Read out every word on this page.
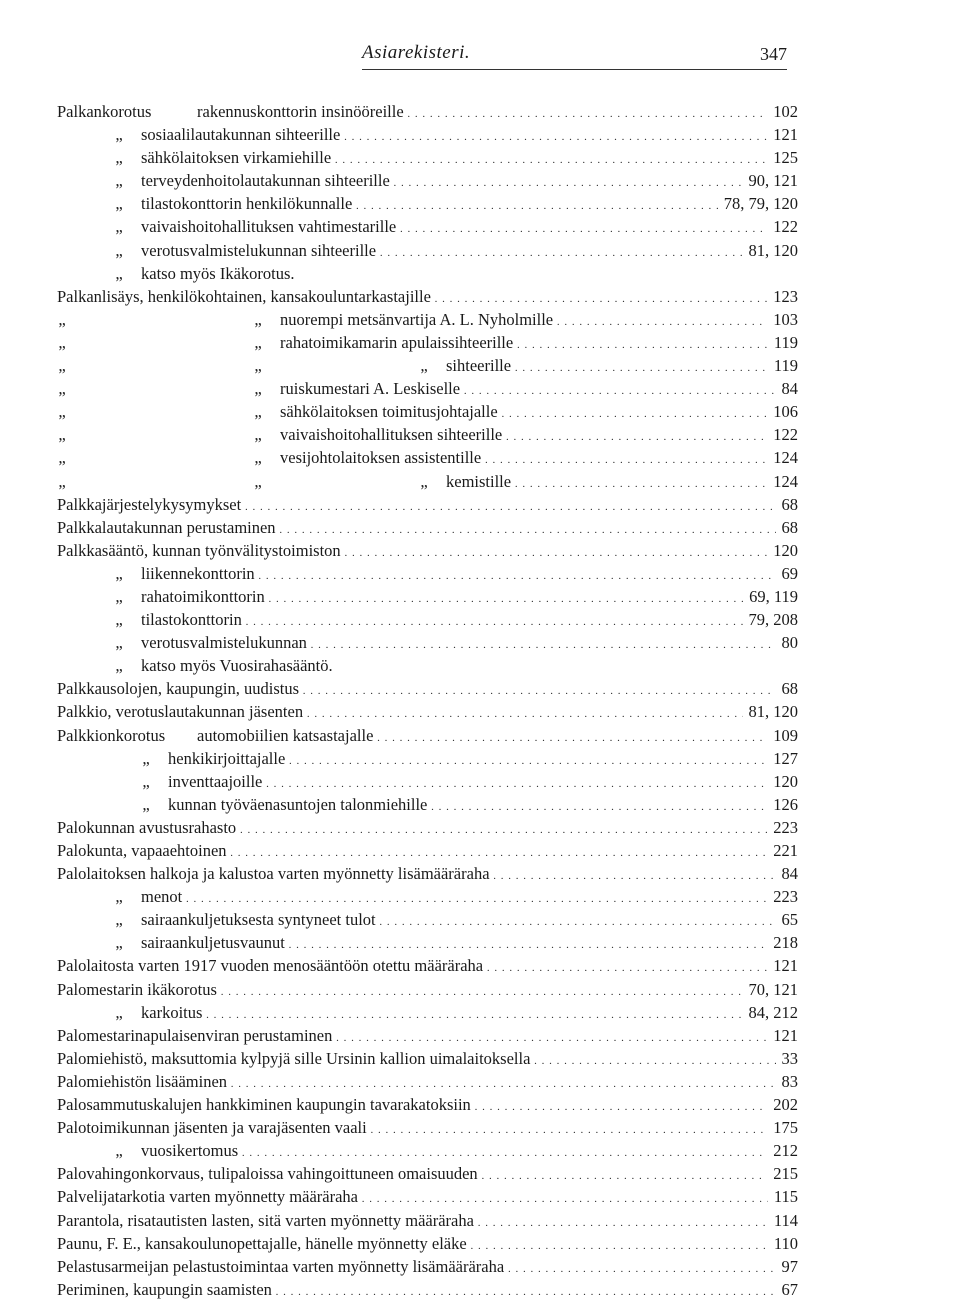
Asiarekisteri.	347
Palkankorotus	rakennuskonttorin insinööreille . . .	102
„	sosiaalilautakunnan sihteerille . . .	121
„	sähkölaitoksen virkamiehille . . .	125
„	terveydenhoitolautakunnan sihteerille . . .	90, 121
„	tilastokonttorin henkilökunnalle . . .	78, 79, 120
„	vaivaishoitohallituksen vahtimestarille . . .	122
„	verotusvalmistelukunnan sihteerille . . .	81, 120
„	katso myös Ikäkorotus.
Palkanlisäys, henkilökohtainen, kansakouluntarkastajille . . .	123
„	„	nuorempi metsänvartija A. L. Nyholmille . . .	103
„	„	rahatoimikamarin apulaissihteerille . . .	119
„	„	„	sihteerille . . .	119
„	„	ruiskumestari A. Leskiselle . . .	84
„	„	sähkölaitoksen toimitusjohtajalle . . .	106
„	„	vaivaishoitohallituksen sihteerille . . .	122
„	„	vesijohtolaitoksen assistentille . . .	124
„	„	„	kemistille . . .	124
Palkkajärjestelykysymykset . . .	68
Palkkalautakunnan perustaminen . . .	68
Palkkasääntö, kunnan työnvälitystoimiston . . .	120
„	liikennekonttorin . . .	69
„	rahatoimikonttorin . . .	69, 119
„	tilastokonttorin . . .	79, 208
„	verotusvalmistelukunnan . . .	80
„	katso myös Vuosirahasääntö.
Palkkausolojen, kaupungin, uudistus . . .	68
Palkkio, verotuslautakunnan jäsenten . . .	81, 120
Palkkionkorotus automobiilien katsastajalle . . .	109
„	henkikirjoittajalle . . .	127
„	inventtaajoille . . .	120
„	kunnan työväenasuntojen talonmiehille . . .	126
Palokunnan avustusrahasto . . .	223
Palokunta, vapaaehtoinen . . .	221
Palolaitoksen halkoja ja kalustoa varten myönnetty lisämääräraha . . .	84
„	menot . . .	223
„	sairaankuljetuksesta syntyneet tulot . . .	65
„	sairaankuljetusvaunut . . .	218
Palolaitosta varten 1917 vuoden menosääntöön otettu määräraha . . .	121
Palomestarin ikäkorotus . . .	70, 121
„	karkoitus . . .	84, 212
Palomestarinapulaisenviran perustaminen . . .	121
Palomiehistö, maksuttomia kylpyjä sille Ursinin kallion uimalaitoksella . . .	33
Palomiehistön lisääminen . . .	83
Palosammutuskalujen hankkiminen kaupungin tavarakatoksiin . . .	202
Palotoimikunnan jäsenten ja varajäsenten vaali . . .	175
„	vuosikertomus . . .	212
Palovahingonkorvaus, tulipaloissa vahingoittuneen omaisuuden . . .	215
Palvelijatarkotia varten myönnetty määräraha . . .	115
Parantola, risatautisten lasten, sitä varten myönnetty määräraha . . .	114
Paunu, F. E., kansakoulunopettajalle, hänelle myönnetty eläke . . .	110
Pelastusarmeijan pelastustoimintaa varten myönnetty lisämääräraha . . .	97
Periminen, kaupungin saamisten . . .	67
